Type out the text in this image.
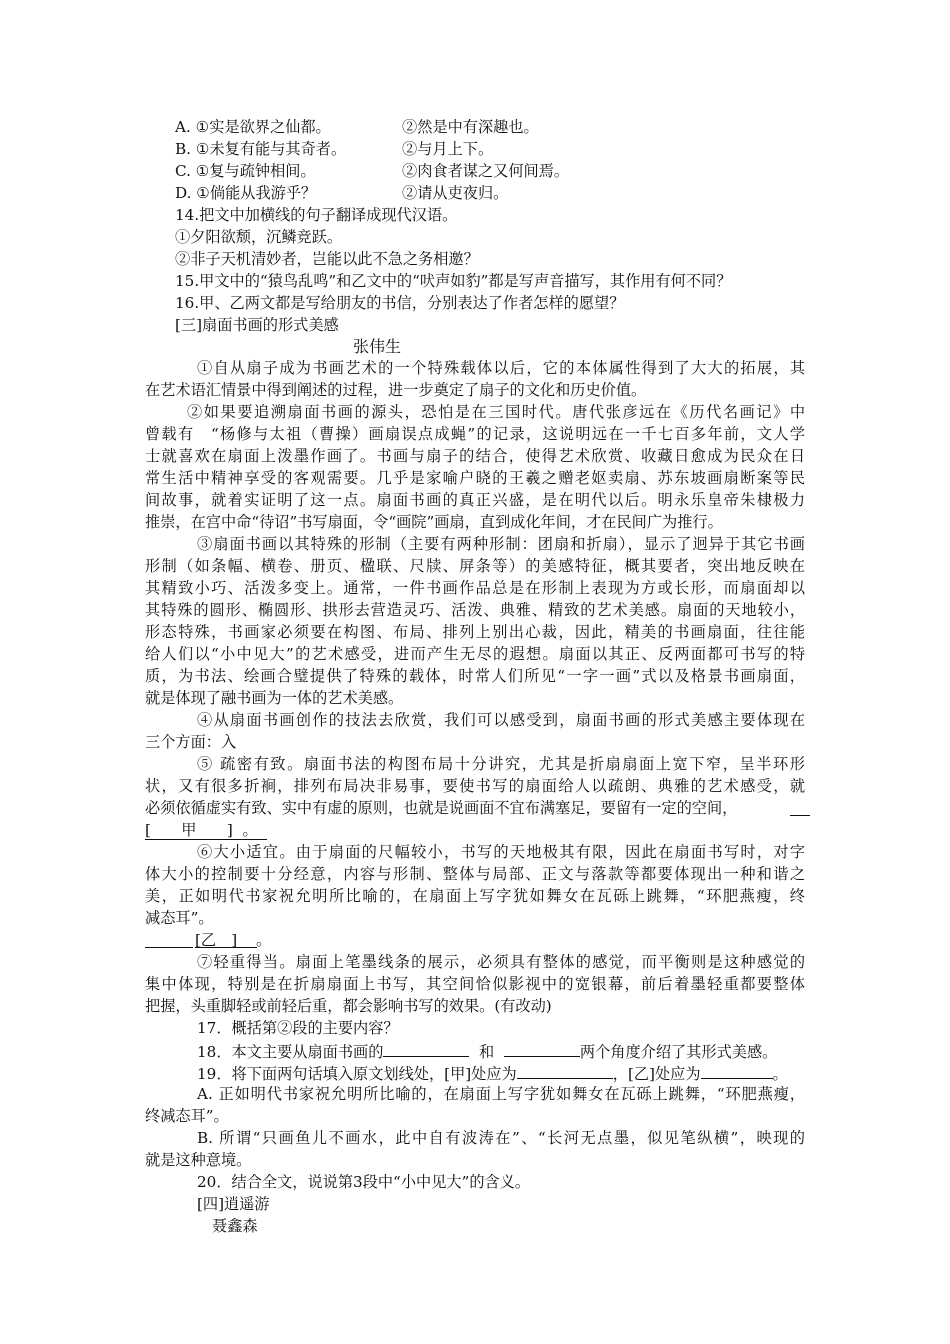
A. ①实是欲界之仙都。	②然是中有深趣也。
B. ①未复有能与其奇者。	②与月上下。
C. ①复与疏钟相间。	②肉食者谋之又何间焉。
D. ①倘能从我游乎？	②请从吏夜归。
14.把文中加横线的句子翻译成现代汉语。
①夕阳欲颓，沉鳞竞跃。
②非子天机清妙者，岂能以此不急之务相邀？
15.甲文中的“猿鸟乱鸣”和乙文中的“吠声如豹”都是写声音描写，其作用有何不同？
16.甲、乙两文都是写给朋友的书信，分别表达了作者怎样的愿望？
[三]扇面书画的形式美感
张伟生
①自从扇子成为书画艺术的一个特殊载体以后，它的本体属性得到了大大的拓展，其
在艺术语汇情景中得到阐述的过程，进一步奠定了扇子的文化和历史价值。
②如果要追溯扇面书画的源头，恐怕是在三国时代。唐代张彦远在《历代名画记》中
曾载有　“杨修与太祖（曹操）画扇误点成蝇”的记录，这说明远在一千七百多年前，文人学
士就喜欢在扇面上泼墨作画了。书画与扇子的结合，使得艺术欣赏、收藏日愈成为民众在日
常生活中精神享受的客观需要。几乎是家喻户晓的王羲之赠老妪卖扇、苏东坡画扇断案等民
间故事，就着实证明了这一点。扇面书画的真正兴盛，是在明代以后。明永乐皇帝朱棣极力
推崇，在宫中命“待诏”书写扇面，令“画院”画扇，直到成化年间，才在民间广为推行。
③扇面书画以其特殊的形制（主要有两种形制：团扇和折扇），显示了迥异于其它书画
形制（如条幅、横卷、册页、楹联、尺牍、屏条等）的美感特征，概其要者，突出地反映在
其精致小巧、活泼多变上。通常，一件书画作品总是在形制上表现为方或长形，而扇面却以
其特殊的圆形、椭圆形、拱形去营造灵巧、活泼、典雅、精致的艺术美感。扇面的天地较小，
形态特殊，书画家必须要在构图、布局、排列上别出心裁，因此，精美的书画扇面，往往能
给人们以“小中见大”的艺术感受，进而产生无尽的遐想。扇面以其正、反两面都可书写的特
质，为书法、绘画合璧提供了特殊的载体，时常人们所见“一字一画”式以及格景书画扇面，
就是体现了融书画为一体的艺术美感。
④从扇面书画创作的技法去欣赏，我们可以感受到，扇面书画的形式美感主要体现在
三个方面：入
⑤ 疏密有致。扇面书法的构图布局十分讲究，尤其是折扇扇面上宽下窄，呈半环形
状，又有很多折裥，排列布局决非易事，要使书写的扇面给人以疏朗、典雅的艺术感受，就
必须依循虚实有致、实中有虚的原则，也就是说画面不宜布满塞足，要留有一定的空间，
[　　甲　　] 。
⑥大小适宜。由于扇面的尺幅较小，书写的天地极其有限，因此在扇面书写时，对字
体大小的控制要十分经意，内容与形制、整体与局部、正文与落款等都要体现出一种和谐之
美，正如明代书家祝允明所比喻的，在扇面上写字犹如舞女在瓦砾上跳舞，“环肥燕瘦，终
减态耳”。
[乙　]	。
⑦轻重得当。扇面上笔墨线条的展示，必须具有整体的感觉，而平衡则是这种感觉的
集中体现，特别是在折扇扇面上书写，其空间恰似影视中的宽银幕，前后着墨轻重都要整体
把握，头重脚轻或前轻后重，都会影响书写的效果。(有改动)
17．概括第②段的主要内容？
18．本文主要从扇面书画的	和	两个角度介绍了其形式美感。
19．将下面两句话填入原文划线处，[甲]处应为	，[乙]处应为	。
A. 正如明代书家祝允明所比喻的，在扇面上写字犹如舞女在瓦砾上跳舞，“环肥燕瘦，
终减态耳”。
B. 所谓“只画鱼儿不画水，此中自有波涛在”、“长河无点墨，似见笔纵横”，映现的
就是这种意境。
20．结合全文，说说第3段中“小中见大”的含义。
[四]逍遥游
聂鑫森
